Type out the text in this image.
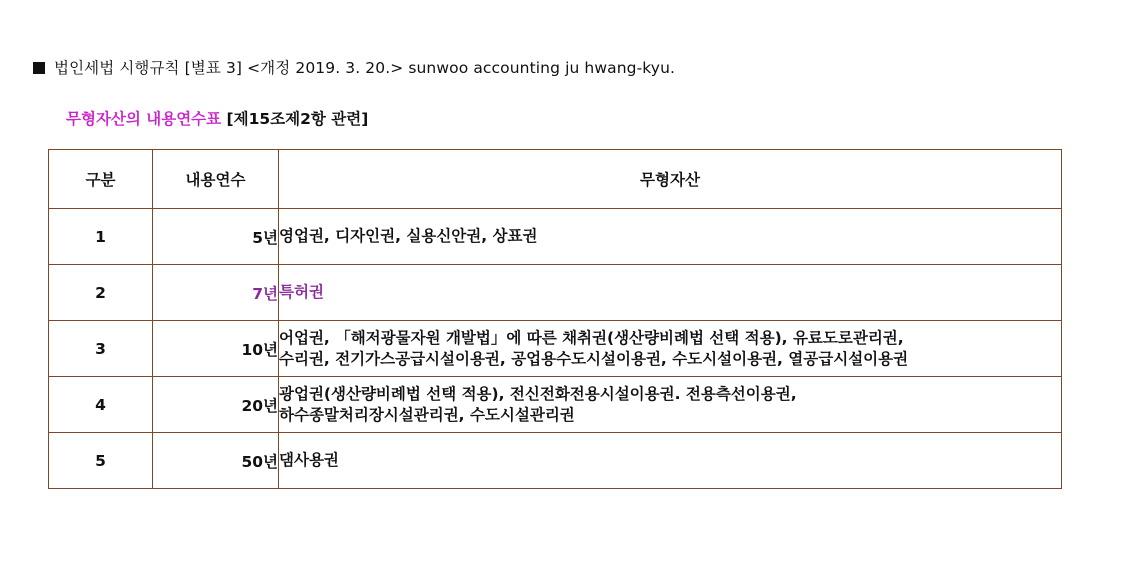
법인세법 시행규칙 [별표 3] <개정 2019. 3. 20.> sunwoo accounting ju hwang-kyu.
무형자산의 내용연수표 [제15조제2항 관련]
구분	내용연수	무형자산
1	5년	영업권, 디자인권, 실용신안권, 상표권

2	7년	특허권

3	10년	어업권, 「해저광물자원 개발법」에 따른 채취권(생산량비례법 선택 적용), 유료도로관리권,
수리권, 전기가스공급시설이용권, 공업용수도시설이용권, 수도시설이용권, 열공급시설이용권

4	20년	광업권(생산량비례법 선택 적용), 전신전화전용시설이용권. 전용측선이용권,
하수종말처리장시설관리권, 수도시설관리권

5	50년	댐사용권
